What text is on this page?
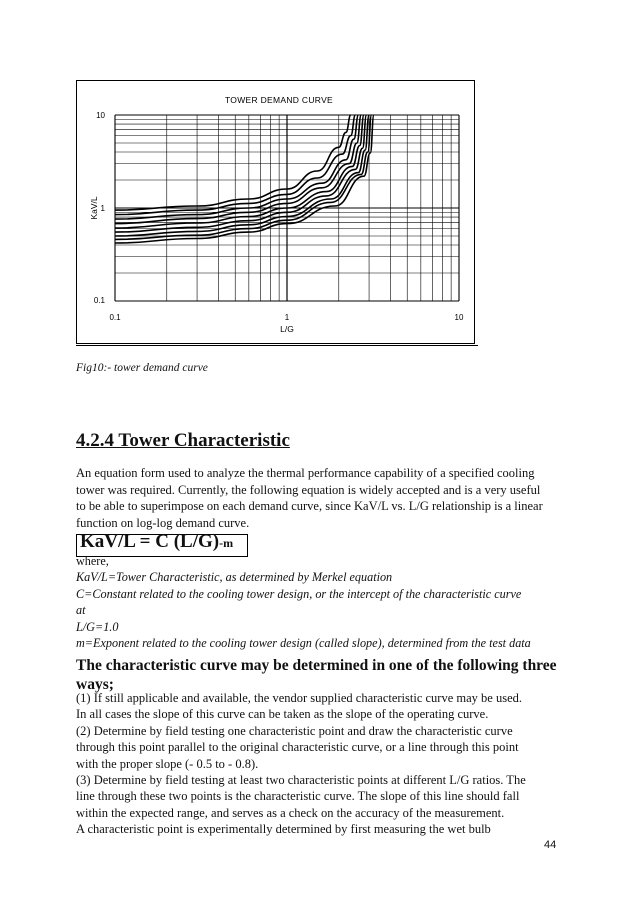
TOWER DEMAND CURVE
10
1
0.1
0.1	1	10
L/G
KaV/L
Fig10:- tower demand curve
4.2.4 Tower Characteristic

An equation form used to analyze the thermal performance capability of a specified cooling
tower was required. Currently, the following equation is widely accepted and is a very useful
to be able to superimpose on each demand curve, since KaV/L vs. L/G relationship is a linear
function on log-log demand curve.

KaV/L = C (L/G)-m

where,
KaV/L=Tower Characteristic, as determined by Merkel equation
C=Constant related to the cooling tower design, or the intercept of the characteristic curve
at
L/G=1.0
m=Exponent related to the cooling tower design (called slope), determined from the test data

The characteristic curve may be determined in one of the following three
ways;

(1) If still applicable and available, the vendor supplied characteristic curve may be used.
In all cases the slope of this curve can be taken as the slope of the operating curve.
(2) Determine by field testing one characteristic point and draw the characteristic curve
through this point parallel to the original characteristic curve, or a line through this point
with the proper slope (- 0.5 to - 0.8).
(3) Determine by field testing at least two characteristic points at different L/G ratios. The
line through these two points is the characteristic curve. The slope of this line should fall
within the expected range, and serves as a check on the accuracy of the measurement.
A characteristic point is experimentally determined by first measuring the wet bulb

44
